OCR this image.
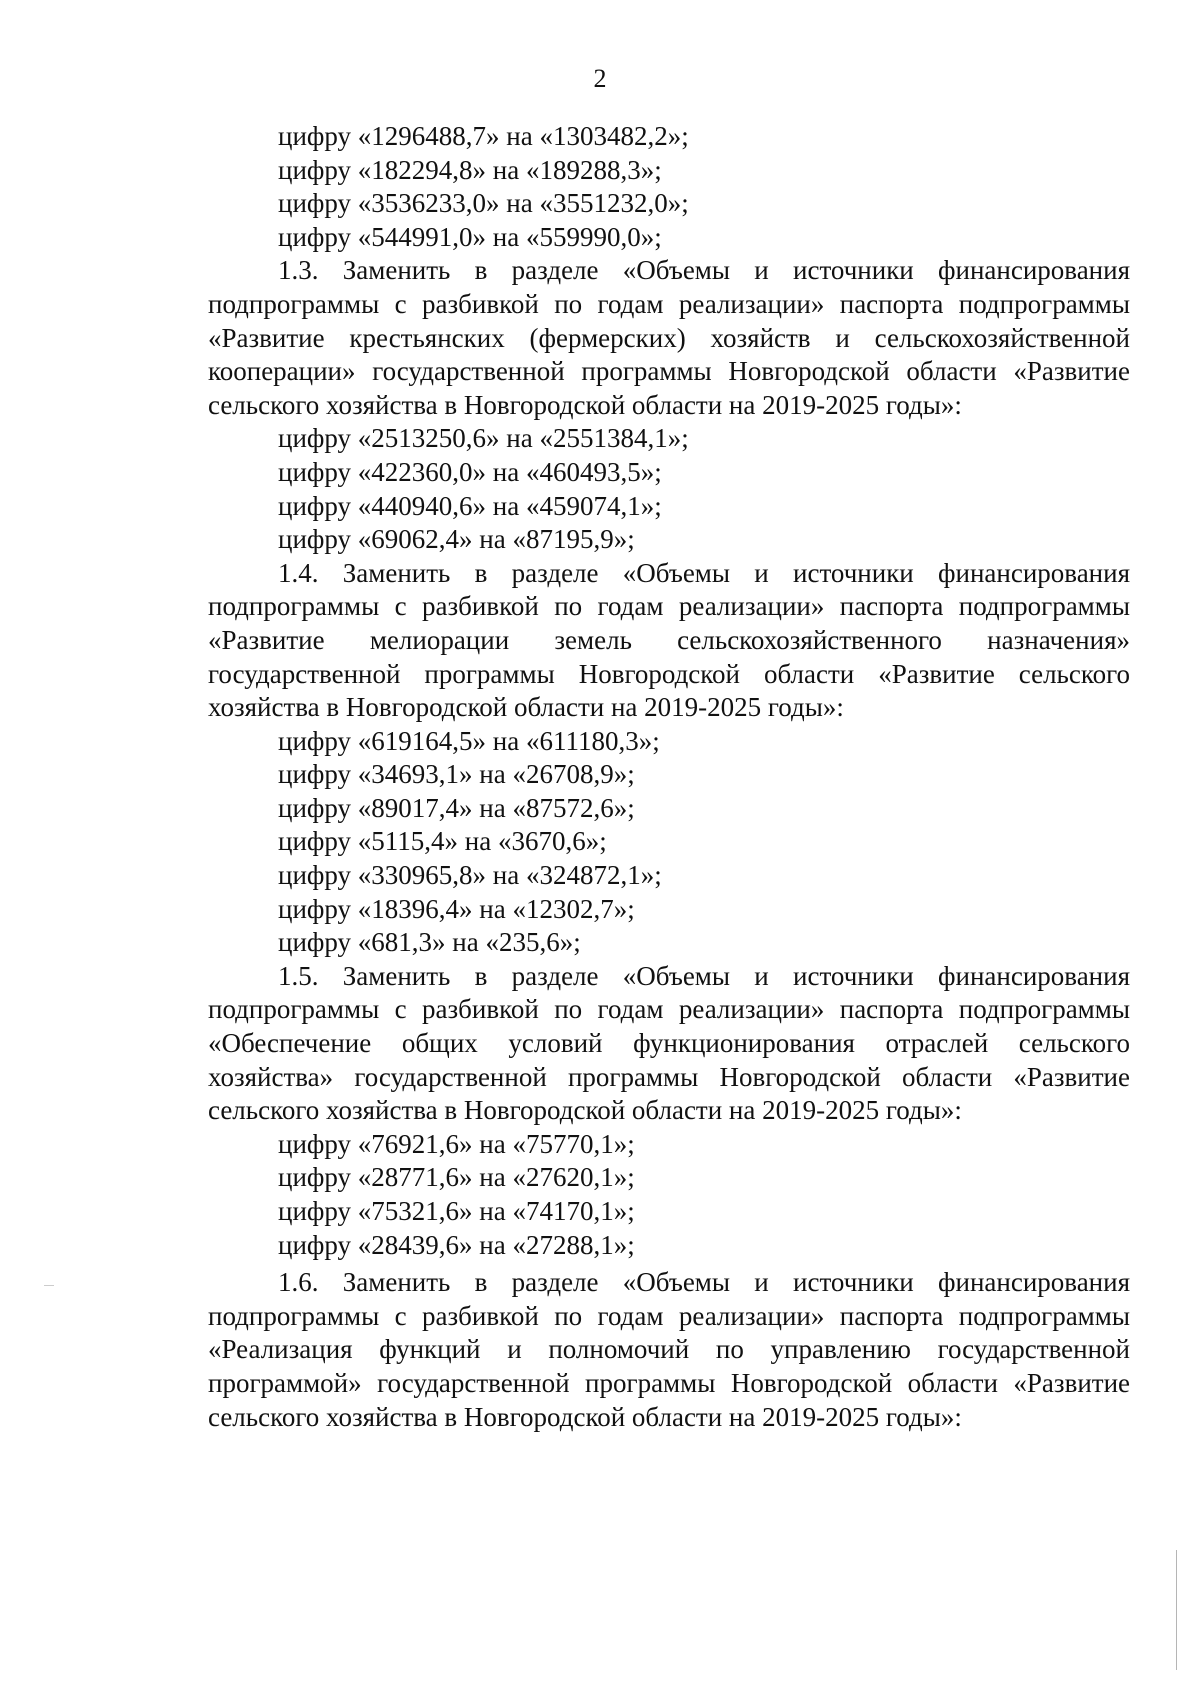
2
цифру «1296488,7» на «1303482,2»;
цифру «182294,8» на «189288,3»;
цифру «3536233,0» на «3551232,0»;
цифру «544991,0» на «559990,0»;

1.3. Заменить в разделе «Объемы и источники финансирования подпрограммы с разбивкой по годам реализации» паспорта подпрограммы «Развитие крестьянских (фермерских) хозяйств и сельскохозяйственной кооперации» государственной программы Новгородской области «Развитие сельского хозяйства в Новгородской области на 2019-2025 годы»:

цифру «2513250,6» на «2551384,1»;
цифру «422360,0» на «460493,5»;
цифру «440940,6» на «459074,1»;
цифру «69062,4» на «87195,9»;

1.4. Заменить в разделе «Объемы и источники финансирования подпрограммы с разбивкой по годам реализации» паспорта подпрограммы «Развитие мелиорации земель сельскохозяйственного назначения» государственной программы Новгородской области «Развитие сельского хозяйства в Новгородской области на 2019-2025 годы»:

цифру «619164,5» на «611180,3»;
цифру «34693,1» на «26708,9»;
цифру «89017,4» на «87572,6»;
цифру «5115,4» на «3670,6»;
цифру «330965,8» на «324872,1»;
цифру «18396,4» на «12302,7»;
цифру «681,3» на «235,6»;

1.5. Заменить в разделе «Объемы и источники финансирования подпрограммы с разбивкой по годам реализации» паспорта подпрограммы «Обеспечение общих условий функционирования отраслей сельского хозяйства» государственной программы Новгородской области «Развитие сельского хозяйства в Новгородской области на 2019-2025 годы»:

цифру «76921,6» на «75770,1»;
цифру «28771,6» на «27620,1»;
цифру «75321,6» на «74170,1»;
цифру «28439,6» на «27288,1»;

1.6. Заменить в разделе «Объемы и источники финансирования подпрограммы с разбивкой по годам реализации» паспорта подпрограммы «Реализация функций и полномочий по управлению государственной программой» государственной программы Новгородской области «Развитие сельского хозяйства в Новгородской области на 2019-2025 годы»:
